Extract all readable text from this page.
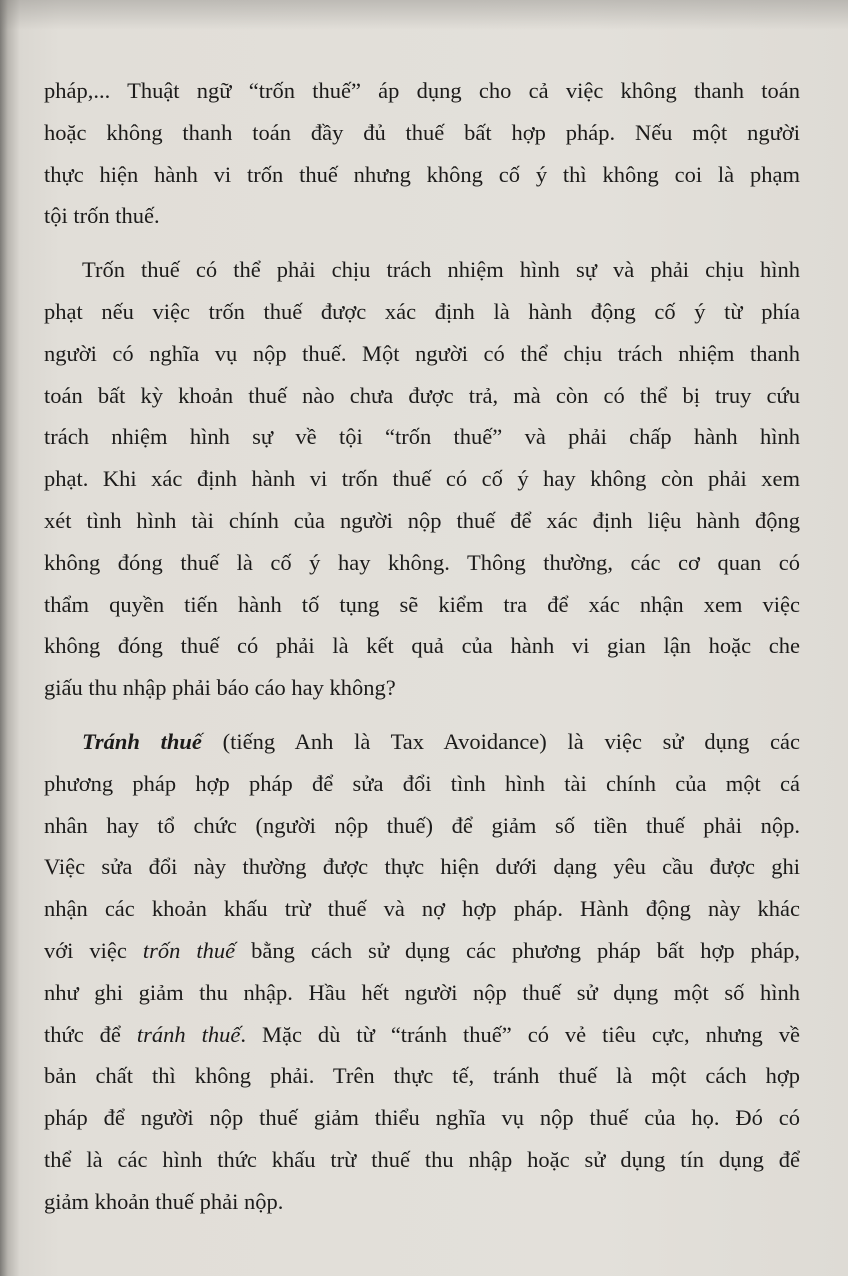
pháp,... Thuật ngữ “trốn thuế” áp dụng cho cả việc không thanh toán
hoặc không thanh toán đầy đủ thuế bất hợp pháp. Nếu một người
thực hiện hành vi trốn thuế nhưng không cố ý thì không coi là phạm
tội trốn thuế.

Trốn thuế có thể phải chịu trách nhiệm hình sự và phải chịu hình
phạt nếu việc trốn thuế được xác định là hành động cố ý từ phía
người có nghĩa vụ nộp thuế. Một người có thể chịu trách nhiệm thanh
toán bất kỳ khoản thuế nào chưa được trả, mà còn có thể bị truy cứu
trách nhiệm hình sự về tội “trốn thuế” và phải chấp hành hình
phạt. Khi xác định hành vi trốn thuế có cố ý hay không còn phải xem
xét tình hình tài chính của người nộp thuế để xác định liệu hành động
không đóng thuế là cố ý hay không. Thông thường, các cơ quan có
thẩm quyền tiến hành tố tụng sẽ kiểm tra để xác nhận xem việc
không đóng thuế có phải là kết quả của hành vi gian lận hoặc che
giấu thu nhập phải báo cáo hay không?

Tránh thuế (tiếng Anh là Tax Avoidance) là việc sử dụng các
phương pháp hợp pháp để sửa đổi tình hình tài chính của một cá
nhân hay tổ chức (người nộp thuế) để giảm số tiền thuế phải nộp.
Việc sửa đổi này thường được thực hiện dưới dạng yêu cầu được ghi
nhận các khoản khấu trừ thuế và nợ hợp pháp. Hành động này khác
với việc trốn thuế bằng cách sử dụng các phương pháp bất hợp pháp,
như ghi giảm thu nhập. Hầu hết người nộp thuế sử dụng một số hình
thức để tránh thuế. Mặc dù từ “tránh thuế” có vẻ tiêu cực, nhưng về
bản chất thì không phải. Trên thực tế, tránh thuế là một cách hợp
pháp để người nộp thuế giảm thiểu nghĩa vụ nộp thuế của họ. Đó có
thể là các hình thức khấu trừ thuế thu nhập hoặc sử dụng tín dụng để
giảm khoản thuế phải nộp.
